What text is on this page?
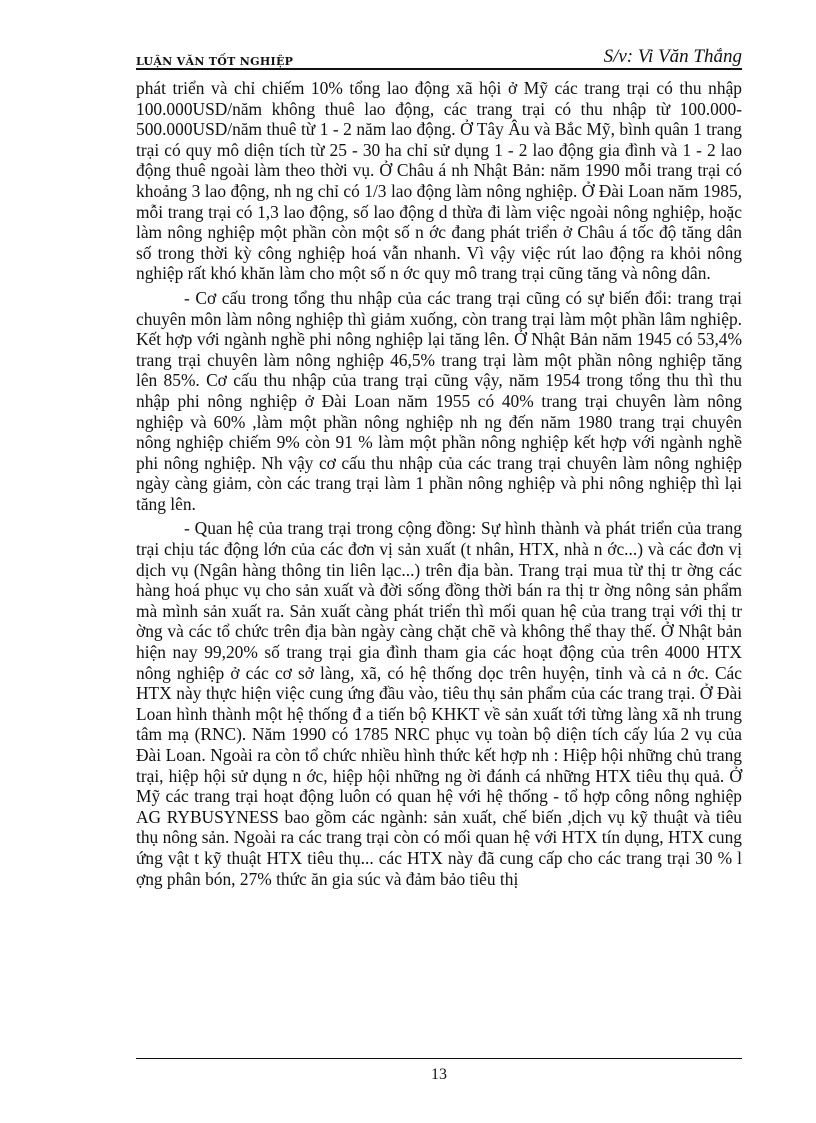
LUẬN VĂN TỐT NGHIỆP	S/v: Vi Văn Thắng

phát triển và chỉ chiếm 10% tổng lao động xã hội ở Mỹ các trang trại có thu nhập 100.000USD/năm không thuê lao động, các trang trại có thu nhập từ 100.000- 500.000USD/năm thuê từ 1 - 2 năm lao động. Ở Tây Âu và Bắc Mỹ, bình quân 1 trang trại có quy mô diện tích từ 25 - 30 ha chỉ sử dụng 1 - 2 lao động gia đình và 1 - 2 lao động thuê ngoài làm theo thời vụ. Ở Châu á nh Nhật Bản: năm 1990 mỗi trang trại có khoảng 3 lao động, nh ng chỉ có 1/3 lao động làm nông nghiệp. Ở Đài Loan năm 1985, mỗi trang trại có 1,3 lao động, số lao động d thừa đi làm việc ngoài nông nghiệp, hoặc làm nông nghiệp một phần còn một số n ớc đang phát triển ở Châu á tốc độ tăng dân số trong thời kỳ công nghiệp hoá vẫn nhanh. Vì vậy việc rút lao động ra khỏi nông nghiệp rất khó khăn làm cho một số n ớc quy mô trang trại cũng tăng và nông dân.

- Cơ cấu trong tổng thu nhập của các trang trại cũng có sự biến đổi: trang trại chuyên môn làm nông nghiệp thì giảm xuống, còn trang trại làm một phần lâm nghiệp. Kết hợp với ngành nghề phi nông nghiệp lại tăng lên. Ở Nhật Bản năm 1945 có 53,4% trang trại chuyên làm nông nghiệp 46,5% trang trại làm một phần nông nghiệp tăng lên 85%. Cơ cấu thu nhập của trang trại cũng vậy, năm 1954 trong tổng thu thì thu nhập phi nông nghiệp ở Đài Loan năm 1955 có 40% trang trại chuyên làm nông nghiệp và 60% ,làm một phần nông nghiệp nh ng đến năm 1980 trang trại chuyên nông nghiệp chiếm 9% còn 91 % làm một phần nông nghiệp kết hợp với ngành nghề phi nông nghiệp. Nh vậy cơ cấu thu nhập của các trang trại chuyên làm nông nghiệp ngày càng giảm, còn các trang trại làm 1 phần nông nghiệp và phi nông nghiệp thì lại tăng lên.

- Quan hệ của trang trại trong cộng đồng: Sự hình thành và phát triển của trang trại chịu tác động lớn của các đơn vị sản xuất (t nhân, HTX, nhà n ớc...) và các đơn vị dịch vụ (Ngân hàng thông tin liên lạc...) trên địa bàn. Trang trại mua từ thị tr ờng các hàng hoá phục vụ cho sản xuất và đời sống đồng thời bán ra thị tr ờng nông sản phẩm mà mình sản xuất ra. Sản xuất càng phát triển thì mối quan hệ của trang trại với thị tr ờng và các tổ chức trên địa bàn ngày càng chặt chẽ và không thể thay thế. Ở Nhật bản hiện nay 99,20% số trang trại gia đình tham gia các hoạt động của trên 4000 HTX nông nghiệp ở các cơ sở làng, xã, có hệ thống dọc trên huyện, tỉnh và cả n ớc. Các HTX này thực hiện việc cung ứng đầu vào, tiêu thụ sản phẩm của các trang trại. Ở Đài Loan hình thành một hệ thống đ a tiến bộ KHKT về sản xuất tới từng làng xã nh trung tâm mạ (RNC). Năm 1990 có 1785 NRC phục vụ toàn bộ diện tích cấy lúa 2 vụ của Đài Loan. Ngoài ra còn tổ chức nhiều hình thức kết hợp nh : Hiệp hội những chủ trang trại, hiệp hội sử dụng n ớc, hiệp hội những ng ời đánh cá những HTX tiêu thụ quả. Ở Mỹ các trang trại hoạt động luôn có quan hệ với hệ thống - tổ hợp công nông nghiệp AG RYBUSYNESS bao gồm các ngành: sản xuất, chế biến ,dịch vụ kỹ thuật và tiêu thụ nông sản. Ngoài ra các trang trại còn có mối quan hệ với HTX tín dụng, HTX cung ứng vật t kỹ thuật HTX tiêu thụ... các HTX này đã cung cấp cho các trang trại 30 % l ợng phân bón, 27% thức ăn gia súc và đảm bảo tiêu thị

13
